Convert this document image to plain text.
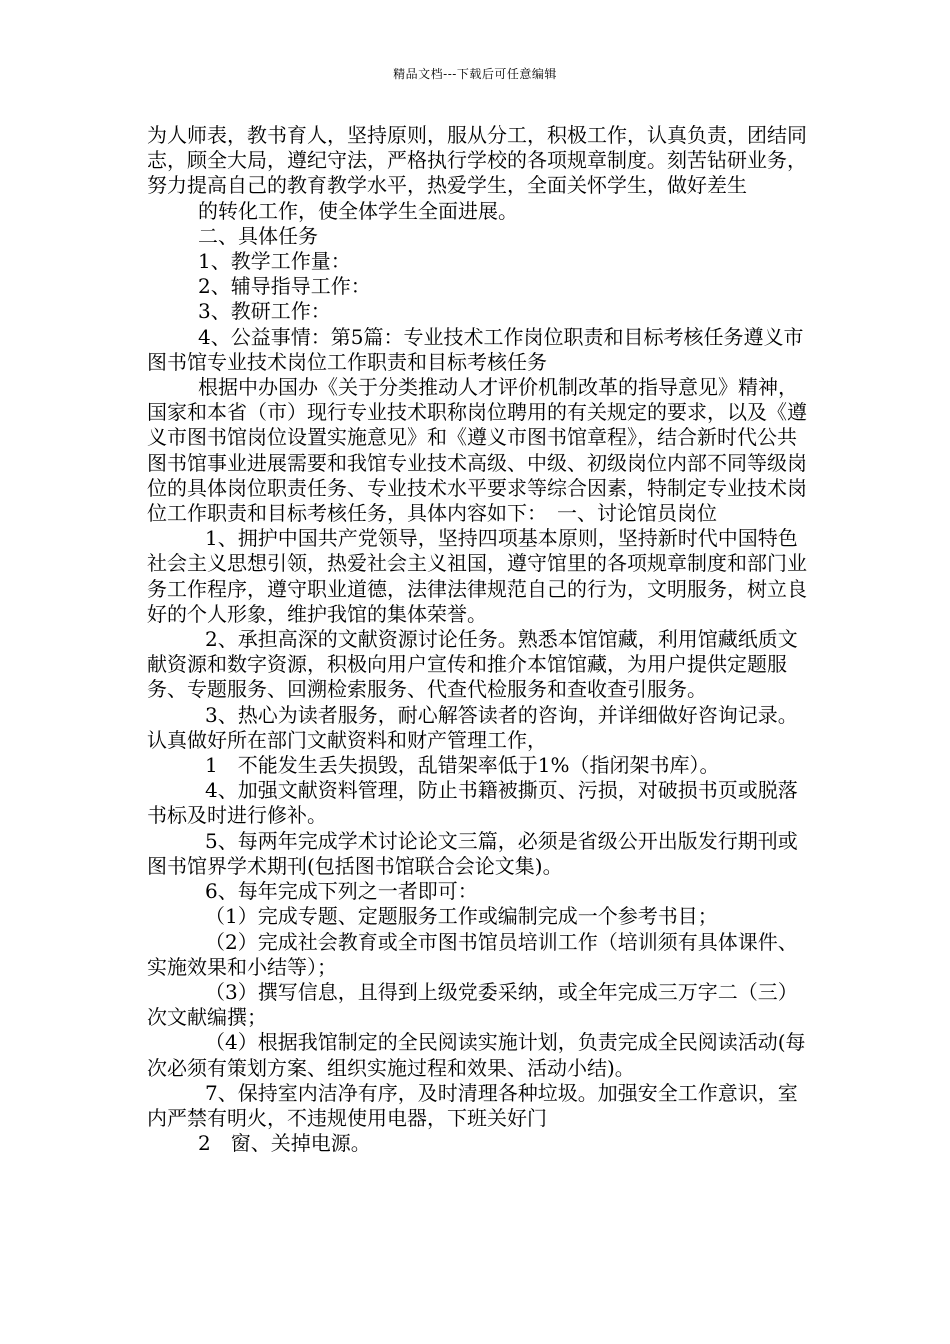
精品文档---下载后可任意编辑

为人师表，教书育人，坚持原则，服从分工，积极工作，认真负责，团结同志，顾全大局，遵纪守法，严格执行学校的各项规章制度。刻苦钻研业务，努力提高自己的教育教学水平，热爱学生，全面关怀学生，做好差生

的转化工作，使全体学生全面进展。

二、具体任务

1、教学工作量：

2、辅导指导工作：

3、教研工作：

4、公益事情：第5篇：专业技术工作岗位职责和目标考核任务遵义市图书馆专业技术岗位工作职责和目标考核任务

根据中办国办《关于分类推动人才评价机制改革的指导意见》精神，国家和本省（市）现行专业技术职称岗位聘用的有关规定的要求，以及《遵义市图书馆岗位设置实施意见》和《遵义市图书馆章程》，结合新时代公共图书馆事业进展需要和我馆专业技术高级、中级、初级岗位内部不同等级岗位的具体岗位职责任务、专业技术水平要求等综合因素，特制定专业技术岗位工作职责和目标考核任务，具体内容如下：　一、讨论馆员岗位

1、拥护中国共产党领导，坚持四项基本原则，坚持新时代中国特色社会主义思想引领，热爱社会主义祖国，遵守馆里的各项规章制度和部门业务工作程序，遵守职业道德，法律法律规范自己的行为，文明服务，树立良好的个人形象，维护我馆的集体荣誉。

2、承担高深的文献资源讨论任务。熟悉本馆馆藏，利用馆藏纸质文献资源和数字资源，积极向用户宣传和推介本馆馆藏，为用户提供定题服务、专题服务、回溯检索服务、代查代检服务和查收查引服务。

3、热心为读者服务，耐心解答读者的咨询，并详细做好咨询记录。认真做好所在部门文献资料和财产管理工作，

1　不能发生丢失损毁，乱错架率低于1%（指闭架书库）。

4、加强文献资料管理，防止书籍被撕页、污损，对破损书页或脱落书标及时进行修补。

5、每两年完成学术讨论论文三篇，必须是省级公开出版发行期刊或图书馆界学术期刊(包括图书馆联合会论文集)。

6、每年完成下列之一者即可：

（1）完成专题、定题服务工作或编制完成一个参考书目；

（2）完成社会教育或全市图书馆员培训工作（培训须有具体课件、实施效果和小结等）；

（3）撰写信息，且得到上级党委采纳，或全年完成三万字二（三）次文献编撰；

（4）根据我馆制定的全民阅读实施计划，负责完成全民阅读活动(每次必须有策划方案、组织实施过程和效果、活动小结)。

7、保持室内洁净有序，及时清理各种垃圾。加强安全工作意识，室内严禁有明火，不违规使用电器，下班关好门

2　窗、关掉电源。
